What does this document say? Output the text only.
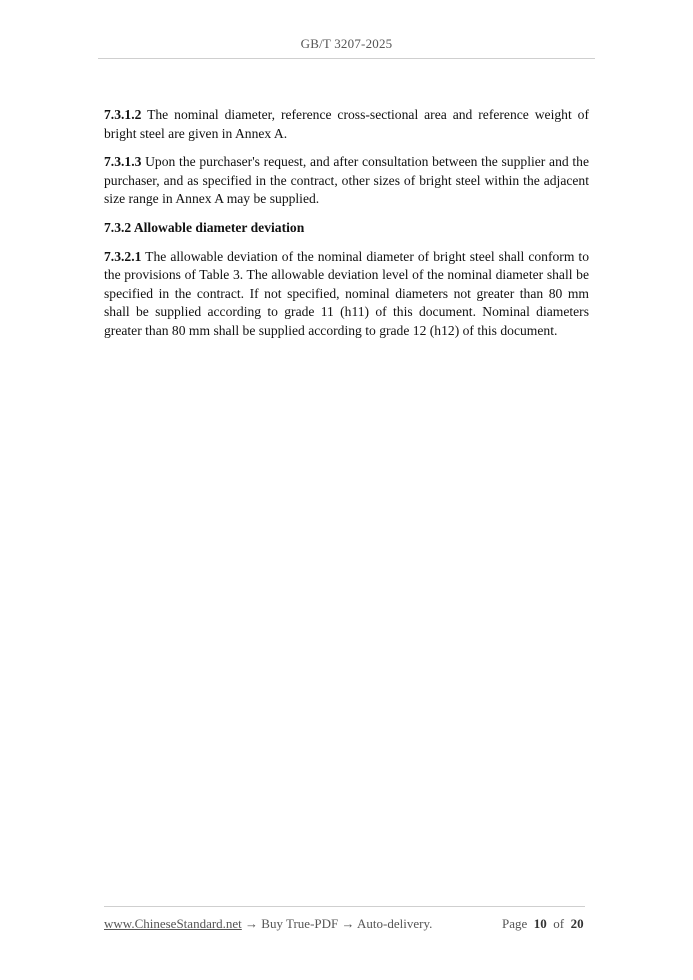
GB/T 3207-2025

7.3.1.2 The nominal diameter, reference cross-sectional area and reference weight of bright steel are given in Annex A.

7.3.1.3 Upon the purchaser's request, and after consultation between the supplier and the purchaser, and as specified in the contract, other sizes of bright steel within the adjacent size range in Annex A may be supplied.

7.3.2 Allowable diameter deviation

7.3.2.1 The allowable deviation of the nominal diameter of bright steel shall conform to the provisions of Table 3. The allowable deviation level of the nominal diameter shall be specified in the contract. If not specified, nominal diameters not greater than 80 mm shall be supplied according to grade 11 (h11) of this document. Nominal diameters greater than 80 mm shall be supplied according to grade 12 (h12) of this document.

www.ChineseStandard.net → Buy True-PDF → Auto-delivery.	Page 10 of 20
